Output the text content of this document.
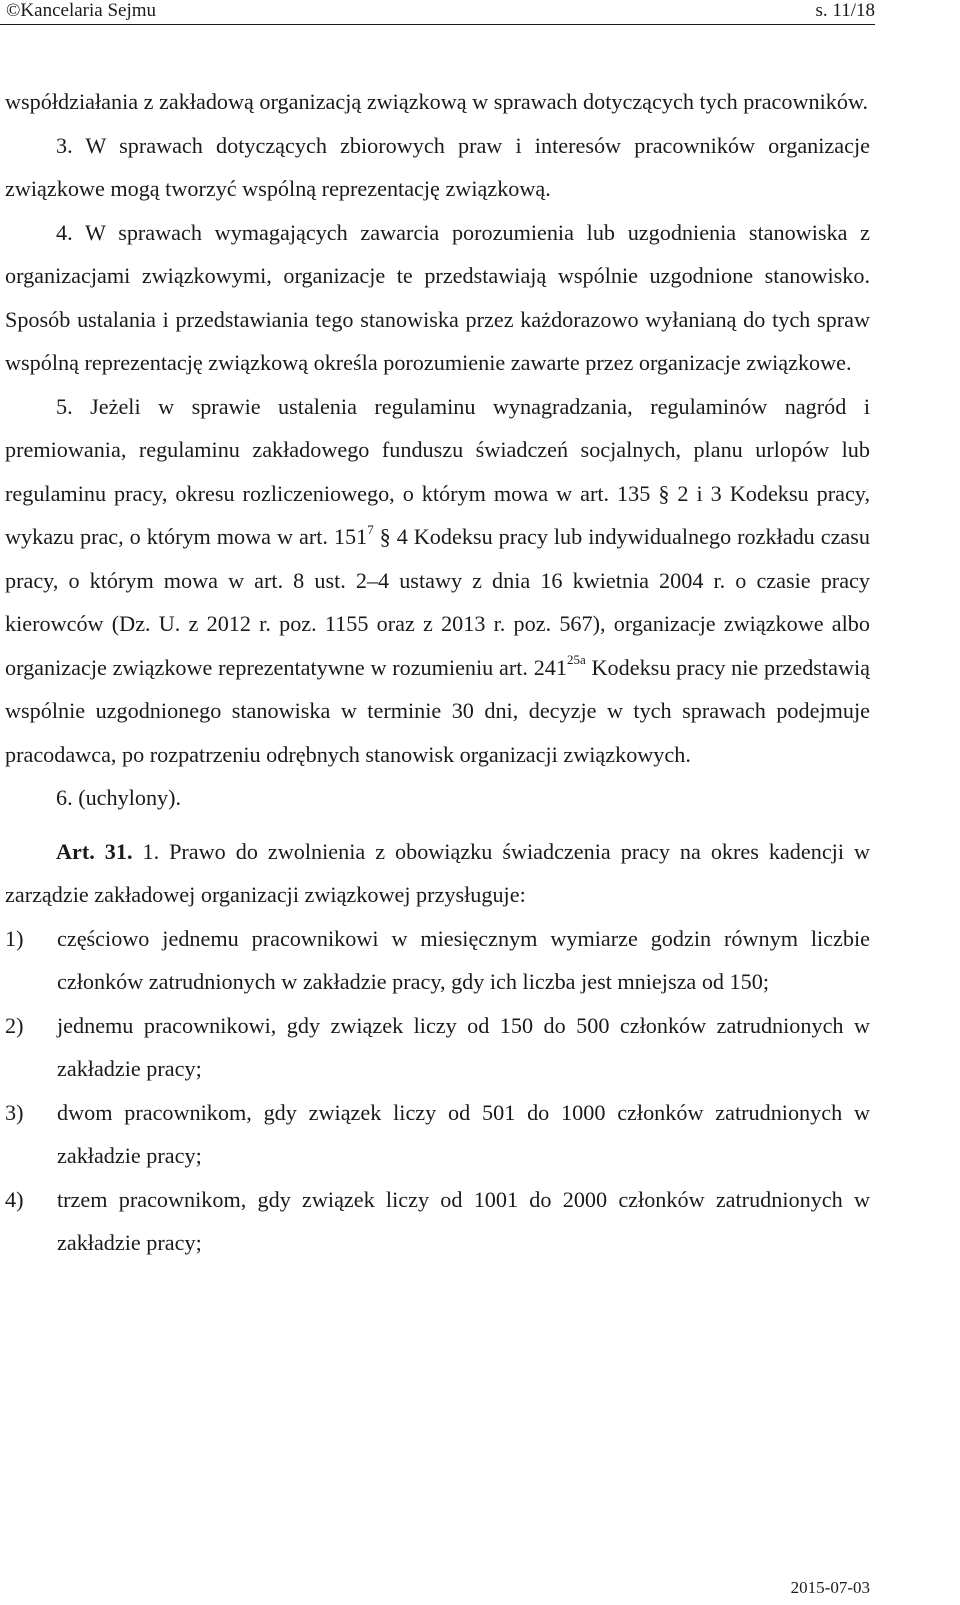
©Kancelaria Sejmu	s. 11/18

współdziałania z zakładową organizacją związkową w sprawach dotyczących tych pracowników.

3. W sprawach dotyczących zbiorowych praw i interesów pracowników organizacje związkowe mogą tworzyć wspólną reprezentację związkową.

4. W sprawach wymagających zawarcia porozumienia lub uzgodnienia stanowiska z organizacjami związkowymi, organizacje te przedstawiają wspólnie uzgodnione stanowisko. Sposób ustalania i przedstawiania tego stanowiska przez każdorazowo wyłanianą do tych spraw wspólną reprezentację związkową określa porozumienie zawarte przez organizacje związkowe.

5. Jeżeli w sprawie ustalenia regulaminu wynagradzania, regulaminów nagród i premiowania, regulaminu zakładowego funduszu świadczeń socjalnych, planu urlopów lub regulaminu pracy, okresu rozliczeniowego, o którym mowa w art. 135 § 2 i 3 Kodeksu pracy, wykazu prac, o którym mowa w art. $151^7$ § 4 Kodeksu pracy lub indywidualnego rozkładu czasu pracy, o którym mowa w art. 8 ust. 2–4 ustawy z dnia 16 kwietnia 2004 r. o czasie pracy kierowców (Dz. U. z 2012 r. poz. 1155 oraz z 2013 r. poz. 567), organizacje związkowe albo organizacje związkowe reprezentatywne w rozumieniu art. $241^{25a}$ Kodeksu pracy nie przedstawią wspólnie uzgodnionego stanowiska w terminie 30 dni, decyzje w tych sprawach podejmuje pracodawca, po rozpatrzeniu odrębnych stanowisk organizacji związkowych.

6. (uchylony).

Art. 31. 1. Prawo do zwolnienia z obowiązku świadczenia pracy na okres kadencji w zarządzie zakładowej organizacji związkowej przysługuje:

1) częściowo jednemu pracownikowi w miesięcznym wymiarze godzin równym liczbie członków zatrudnionych w zakładzie pracy, gdy ich liczba jest mniejsza od 150;
2) jednemu pracownikowi, gdy związek liczy od 150 do 500 członków zatrudnionych w zakładzie pracy;
3) dwom pracownikom, gdy związek liczy od 501 do 1000 członków zatrudnionych w zakładzie pracy;
4) trzem pracownikom, gdy związek liczy od 1001 do 2000 członków zatrudnionych w zakładzie pracy;
2015-07-03
